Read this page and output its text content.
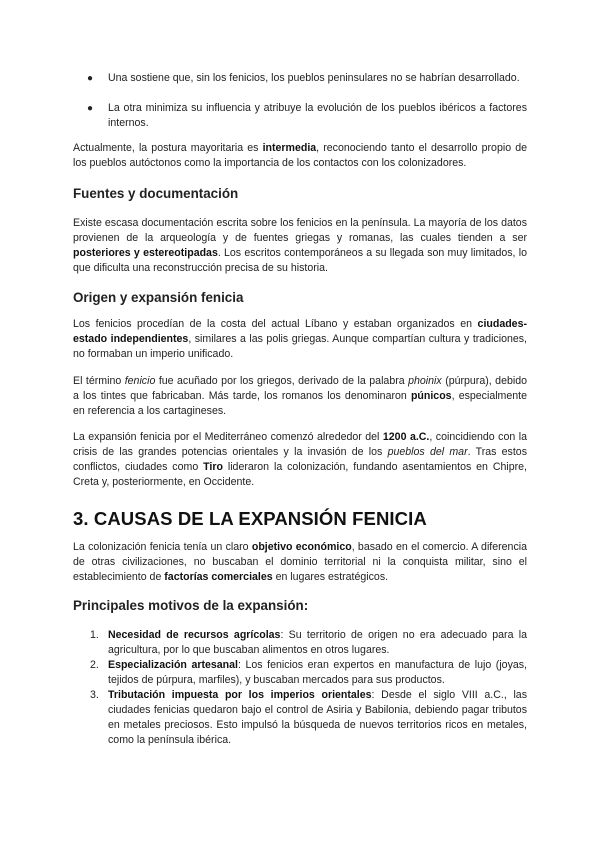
● Una sostiene que, sin los fenicios, los pueblos peninsulares no se habrían desarrollado.

● La otra minimiza su influencia y atribuye la evolución de los pueblos ibéricos a factores internos.

Actualmente, la postura mayoritaria es intermedia, reconociendo tanto el desarrollo propio de los pueblos autóctonos como la importancia de los contactos con los colonizadores.

Fuentes y documentación

Existe escasa documentación escrita sobre los fenicios en la península. La mayoría de los datos provienen de la arqueología y de fuentes griegas y romanas, las cuales tienden a ser posteriores y estereotipadas. Los escritos contemporáneos a su llegada son muy limitados, lo que dificulta una reconstrucción precisa de su historia.

Origen y expansión fenicia

Los fenicios procedían de la costa del actual Líbano y estaban organizados en ciudades-estado independientes, similares a las polis griegas. Aunque compartían cultura y tradiciones, no formaban un imperio unificado.

El término fenicio fue acuñado por los griegos, derivado de la palabra phoinix (púrpura), debido a los tintes que fabricaban. Más tarde, los romanos los denominaron púnicos, especialmente en referencia a los cartagineses.

La expansión fenicia por el Mediterráneo comenzó alrededor del 1200 a.C., coincidiendo con la crisis de las grandes potencias orientales y la invasión de los pueblos del mar. Tras estos conflictos, ciudades como Tiro lideraron la colonización, fundando asentamientos en Chipre, Creta y, posteriormente, en Occidente.

3. CAUSAS DE LA EXPANSIÓN FENICIA

La colonización fenicia tenía un claro objetivo económico, basado en el comercio. A diferencia de otras civilizaciones, no buscaban el dominio territorial ni la conquista militar, sino el establecimiento de factorías comerciales en lugares estratégicos.

Principales motivos de la expansión:
1. Necesidad de recursos agrícolas: Su territorio de origen no era adecuado para la agricultura, por lo que buscaban alimentos en otros lugares.

2. Especialización artesanal: Los fenicios eran expertos en manufactura de lujo (joyas, tejidos de púrpura, marfiles), y buscaban mercados para sus productos.

3. Tributación impuesta por los imperios orientales: Desde el siglo VIII a.C., las ciudades fenicias quedaron bajo el control de Asiria y Babilonia, debiendo pagar tributos en metales preciosos. Esto impulsó la búsqueda de nuevos territorios ricos en metales, como la península ibérica.
